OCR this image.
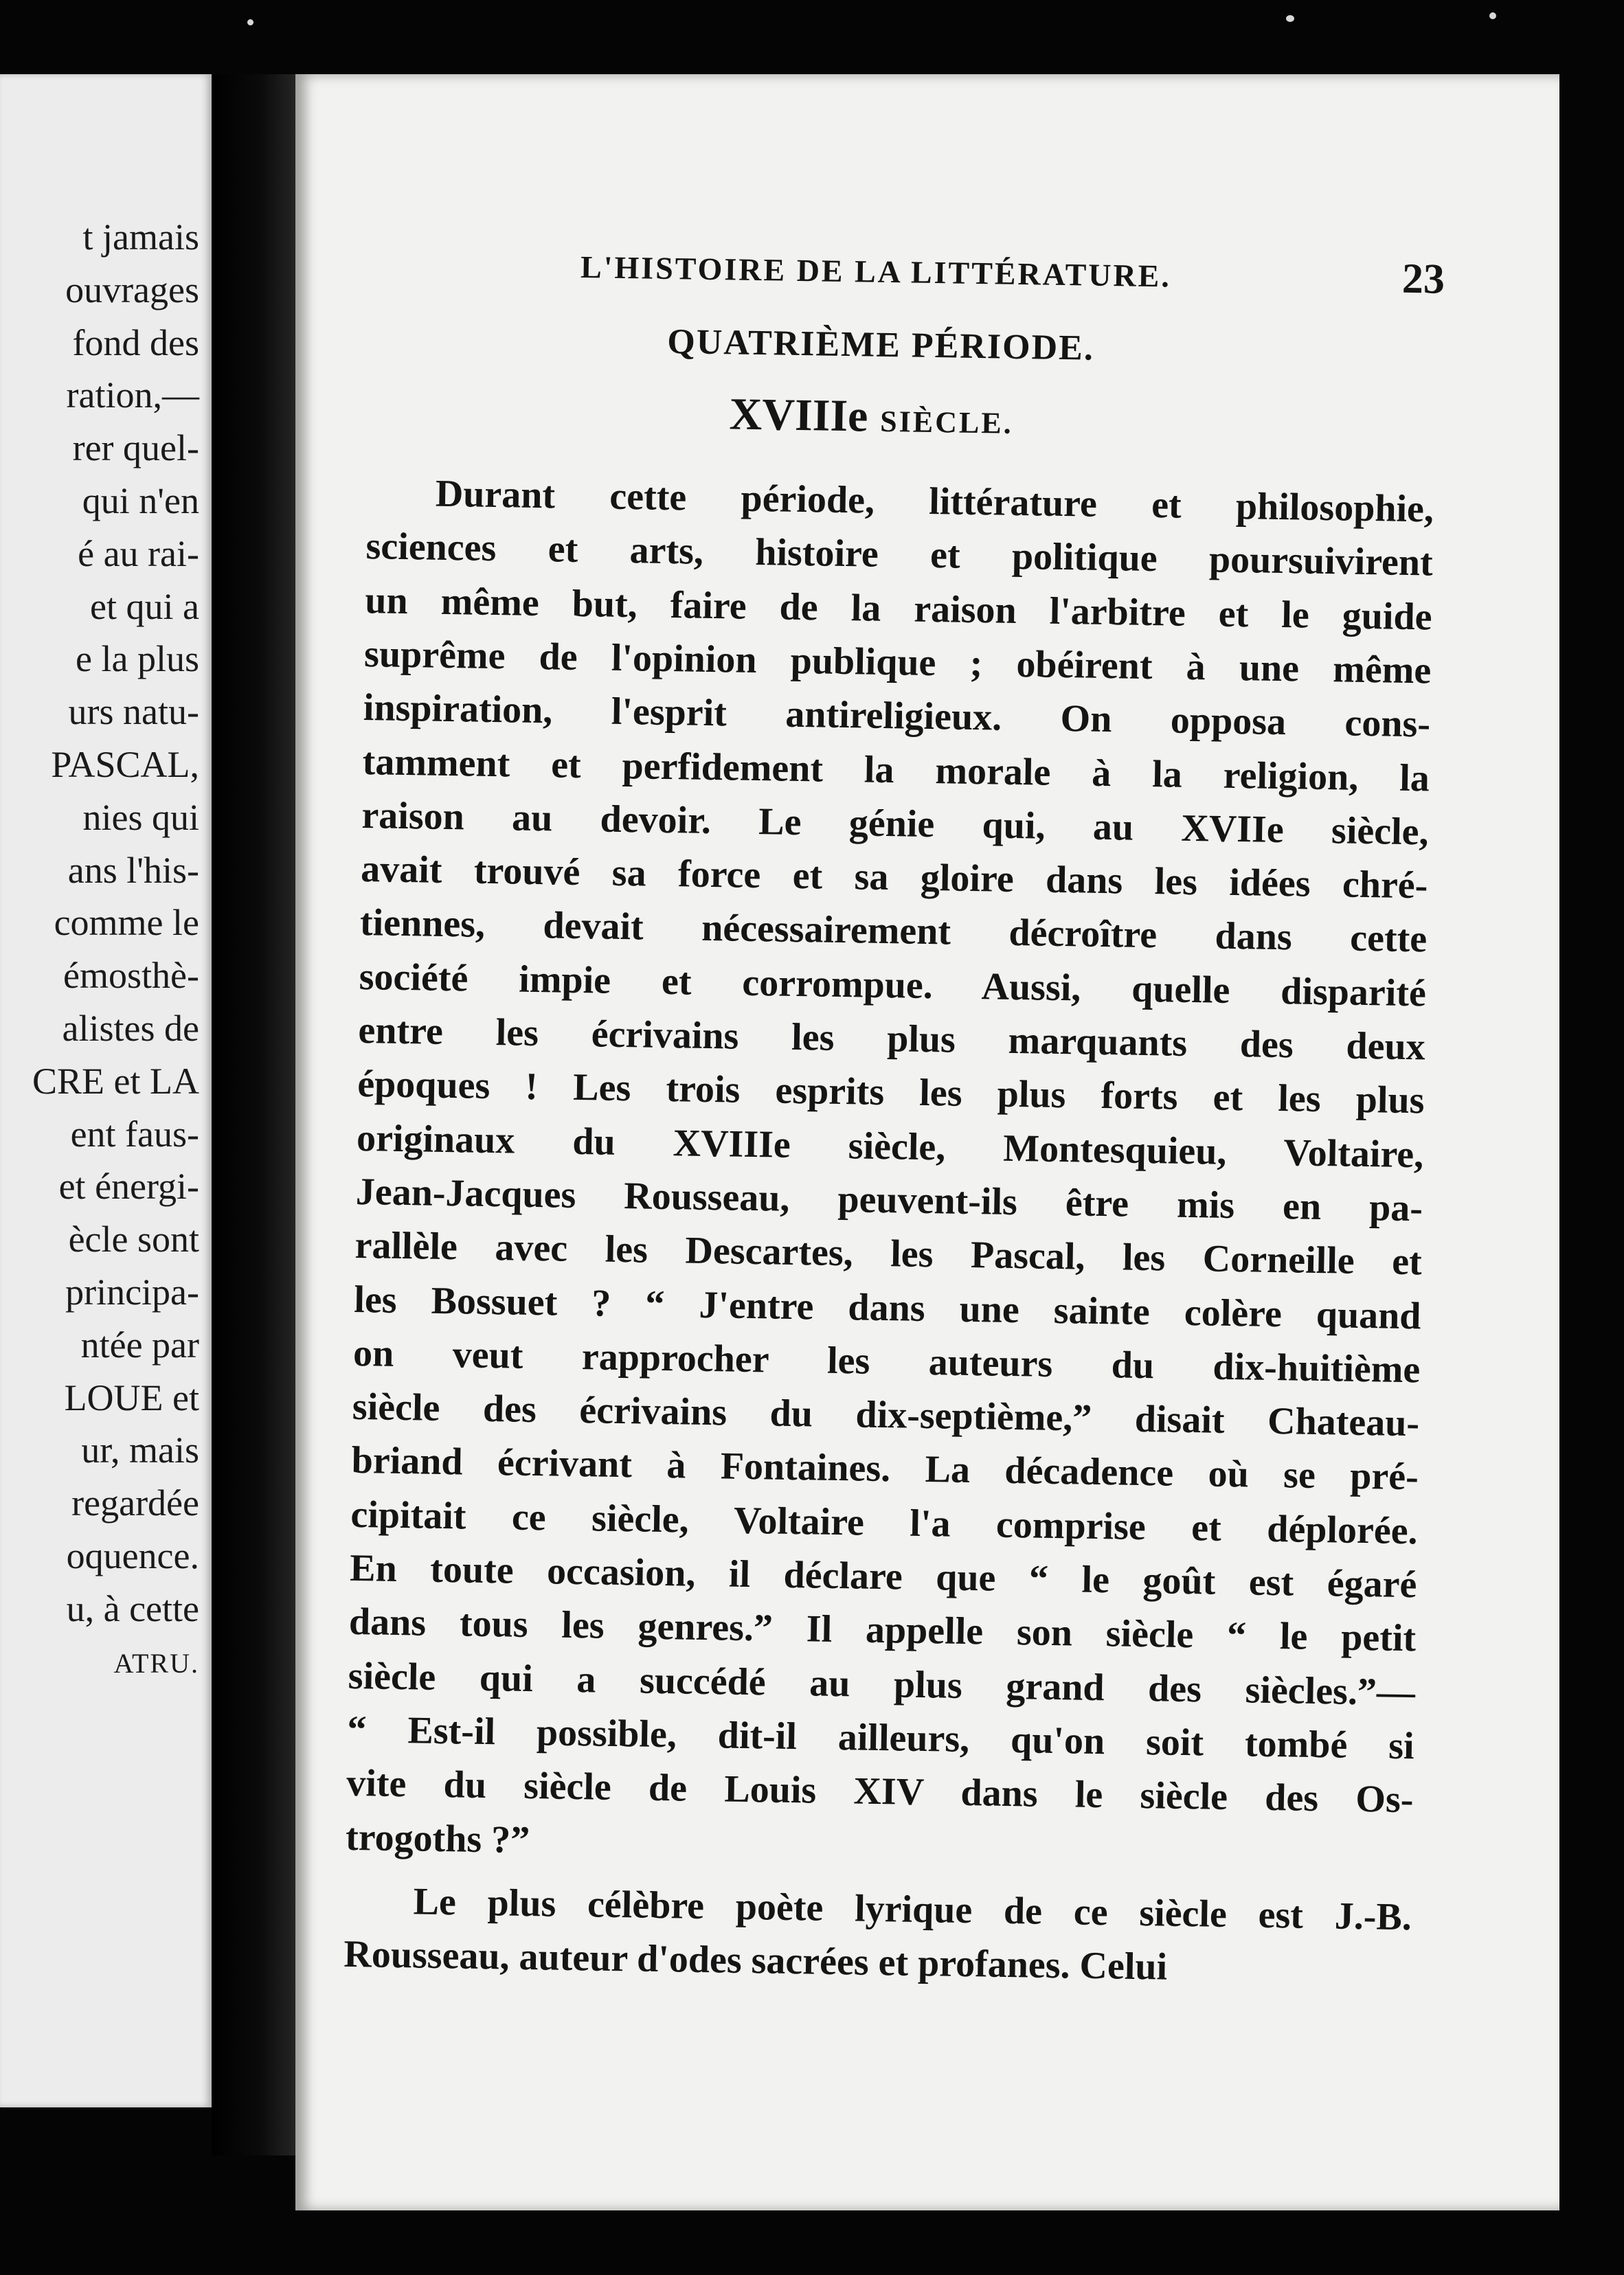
t jamais
ouvrages
fond des
ration,—
rer quel-
qui n'en
é au rai-
et qui a
e la plus
urs natu-
PASCAL,
nies qui
ans l'his-
comme le
émosthè-
alistes de
CRE et LA
ent faus-
et énergi-
ècle sont
principa-
ntée par
LOUE et
ur, mais
regardée
oquence.
u, à cette
ATRU.
L'HISTOIRE DE LA LITTÉRATURE.	23
QUATRIÈME PÉRIODE.
XVIIIe SIÈCLE.
Durant cette période, littérature et philosophie,
sciences et arts, histoire et politique poursuivirent
un même but, faire de la raison l'arbitre et le guide
suprême de l'opinion publique ; obéirent à une même
inspiration, l'esprit antireligieux. On opposa cons-
tamment et perfidement la morale à la religion, la
raison au devoir. Le génie qui, au XVIIe siècle,
avait trouvé sa force et sa gloire dans les idées chré-
tiennes, devait nécessairement décroître dans cette
société impie et corrompue. Aussi, quelle disparité
entre les écrivains les plus marquants des deux
époques ! Les trois esprits les plus forts et les plus
originaux du XVIIIe siècle, Montesquieu, Voltaire,
Jean-Jacques Rousseau, peuvent-ils être mis en pa-
rallèle avec les Descartes, les Pascal, les Corneille et
les Bossuet ? “ J'entre dans une sainte colère quand
on veut rapprocher les auteurs du dix-huitième
siècle des écrivains du dix-septième,” disait Chateau-
briand écrivant à Fontaines. La décadence où se pré-
cipitait ce siècle, Voltaire l'a comprise et déplorée.
En toute occasion, il déclare que “ le goût est égaré
dans tous les genres.” Il appelle son siècle “ le petit
siècle qui a succédé au plus grand des siècles.”—
“ Est-il possible, dit-il ailleurs, qu'on soit tombé si
vite du siècle de Louis XIV dans le siècle des Os-
trogoths ?”
Le plus célèbre poète lyrique de ce siècle est J.-B.
Rousseau, auteur d'odes sacrées et profanes. Celui
